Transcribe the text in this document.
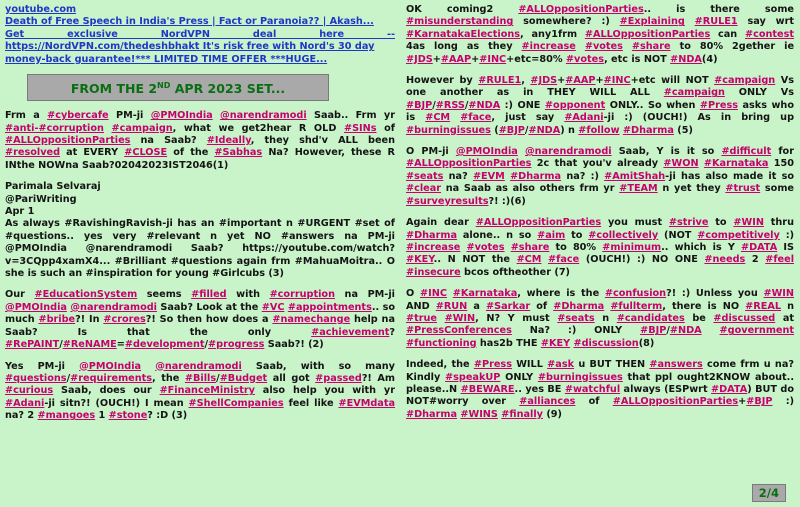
youtube.com
Death of Free Speech in India's Press | Fact or Paranoia?? | Akash...
Get exclusive NordVPN deal here --
https://NordVPN.com/thedeshbhakt It's risk free with Nord's 30 day money-back guarantee!*** LIMITED TIME OFFER ***HUGE...
FROM THE 2ND APR 2023 SET...
Frm a #cybercafe PM-ji @PMOIndia @narendramodi Saab.. Frm yr #anti-#corruption #campaign, what we get2hear R OLD #SINs of #ALLOppositionParties na Saab? #Ideally, they shd'v ALL been #resolved at EVERY #CLOSE of the #Sabhas Na? However, these R INthe NOWna Saab?02042023IST2046(1)
Parimala Selvaraj
@PariWriting
Apr 1
As always #RavishingRavish-ji has an #important n #URGENT #set of #questions.. yes very #relevant n yet NO #answers na PM-ji @PMOIndia @narendramodi Saab? https://youtube.com/watch?v=3CQpp4xamX4... #Brilliant #questions again frm #MahuaMoitra.. O she is such an #inspiration for young #Girlcubs (3)
Our #EducationSystem seems #filled with #corruption na PM-ji @PMOIndia @narendramodi Saab? Look at the #VC #appointments.. so much #bribe?! In #crores?! So then how does a #namechange help na Saab? Is that the only #achievement? #RePAINT/#ReNAME=#development/#progress Saab?! (2)
Yes PM-ji @PMOIndia @narendramodi Saab, with so many #questions/#requirements, the #Bills/#Budget all got #passed?! Am #curious Saab, does our #FinanceMinistry also help you with yr #Adani-ji sitn?! (OUCH!) I mean #ShellCompanies feel like #EVMdata na? 2 #mangoes 1 #stone? :D (3)
OK coming2 #ALLOppositionParties.. is there some #misunderstanding somewhere? :) #Explaining #RULE1 say wrt #KarnatakaElections, any1frm #ALLOppositionParties can #contest 4as long as they #increase #votes #share to 80% 2gether ie #JDS+#AAP+#INC+etc=80% #votes, etc is NOT #NDA(4)
However by #RULE1, #JDS+#AAP+#INC+etc will NOT #campaign Vs one another as in THEY WILL ALL #campaign ONLY Vs #BJP/#RSS/#NDA :) ONE #opponent ONLY.. So when #Press asks who is #CM #face, just say #Adani-ji :) (OUCH!) As in bring up #burningissues (#BJP/#NDA) n #follow #Dharma (5)
O PM-ji @PMOIndia @narendramodi Saab, Y is it so #difficult for #ALLOppositionParties 2c that you'v already #WON #Karnataka 150 #seats na? #EVM #Dharma na? :) #AmitShah-ji has also made it so #clear na Saab as also others frm yr #TEAM n yet they #trust some #surveyresults?! :)(6)
Again dear #ALLOppositionParties you must #strive to #WIN thru #Dharma alone.. n so #aim to #collectively (NOT #competitively :) #increase #votes #share to 80% #minimum.. which is Y #DATA IS #KEY.. N NOT the #CM #face (OUCH!) :) NO ONE #needs 2 #feel #insecure bcos oftheother (7)
O #INC #Karnataka, where is the #confusion?! :) Unless you #WIN AND #RUN a #Sarkar of #Dharma #fullterm, there is NO #REAL n #true #WIN, N? Y must #seats n #candidates be #discussed at #PressConferences Na? :) ONLY #BJP/#NDA #government #functioning has2b THE #KEY #discussion(8)
Indeed, the #Press WILL #ask u BUT THEN #answers come frm u na? Kindly #speakUP ONLY #burningissues that ppl ought2KNOW about.. please..N #BEWARE.. yes BE #watchful always (ESPwrt #DATA) BUT do NOT#worry over #alliances of #ALLOppositionParties+#BJP :) #Dharma #WINS #finally (9)
2/4
